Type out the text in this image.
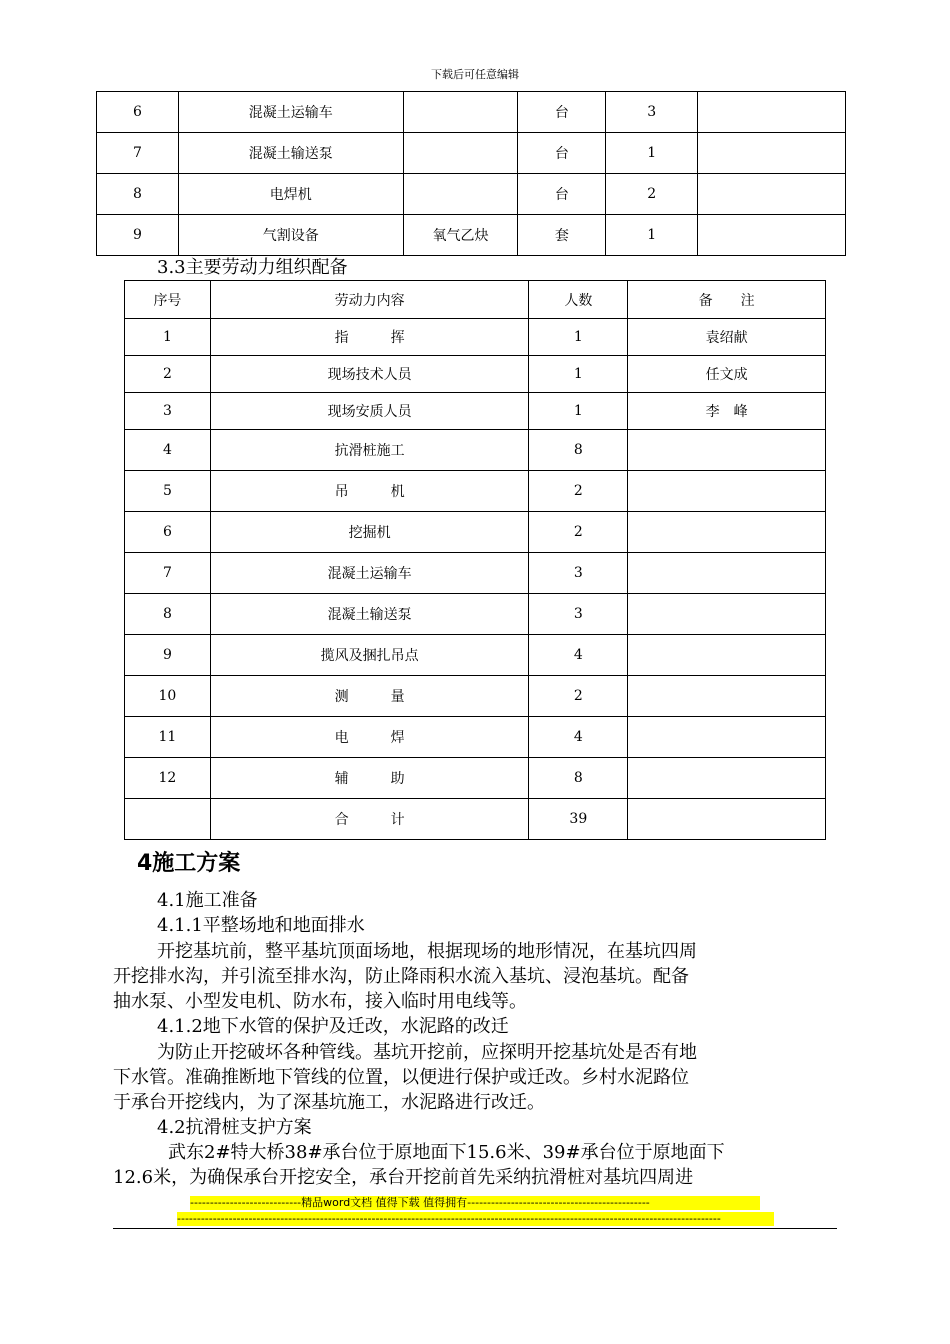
下载后可任意编辑
6	混凝土运输车		台	3	
7	混凝土输送泵		台	1	
8	电焊机		台	2	
9	气割设备	氧气乙炔	套	1	
3.3主要劳动力组织配备
序号	劳动力内容	人数	备　　注
1	指　　　挥	1	袁绍献
2	现场技术人员	1	任文成
3	现场安质人员	1	李　峰
4	抗滑桩施工	8	
5	吊　　　机	2	
6	挖掘机	2	
7	混凝土运输车	3	
8	混凝土输送泵	3	
9	揽风及捆扎吊点	4	
10	测　　　量	2	
11	电　　　焊	4	
12	辅　　　助	8	
	合　　　计	39	
4施工方案
4.1施工准备
4.1.1平整场地和地面排水
开挖基坑前，整平基坑顶面场地，根据现场的地形情况，在基坑四周
开挖排水沟，并引流至排水沟，防止降雨积水流入基坑、浸泡基坑。配备
抽水泵、小型发电机、防水布，接入临时用电线等。
4.1.2地下水管的保护及迁改，水泥路的改迁
为防止开挖破坏各种管线。基坑开挖前，应探明开挖基坑处是否有地
下水管。准确推断地下管线的位置，以便进行保护或迁改。乡村水泥路位
于承台开挖线内，为了深基坑施工，水泥路进行改迁。
4.2抗滑桩支护方案
武东2#特大桥38#承台位于原地面下15.6米、39#承台位于原地面下
12.6米，为确保承台开挖安全，承台开挖前首先采纳抗滑桩对基坑四周进
----------------------------精品word文档 值得下载 值得拥有----------------------------------------------
-----------------------------------------------------------------------------------------------------------------------------------------
